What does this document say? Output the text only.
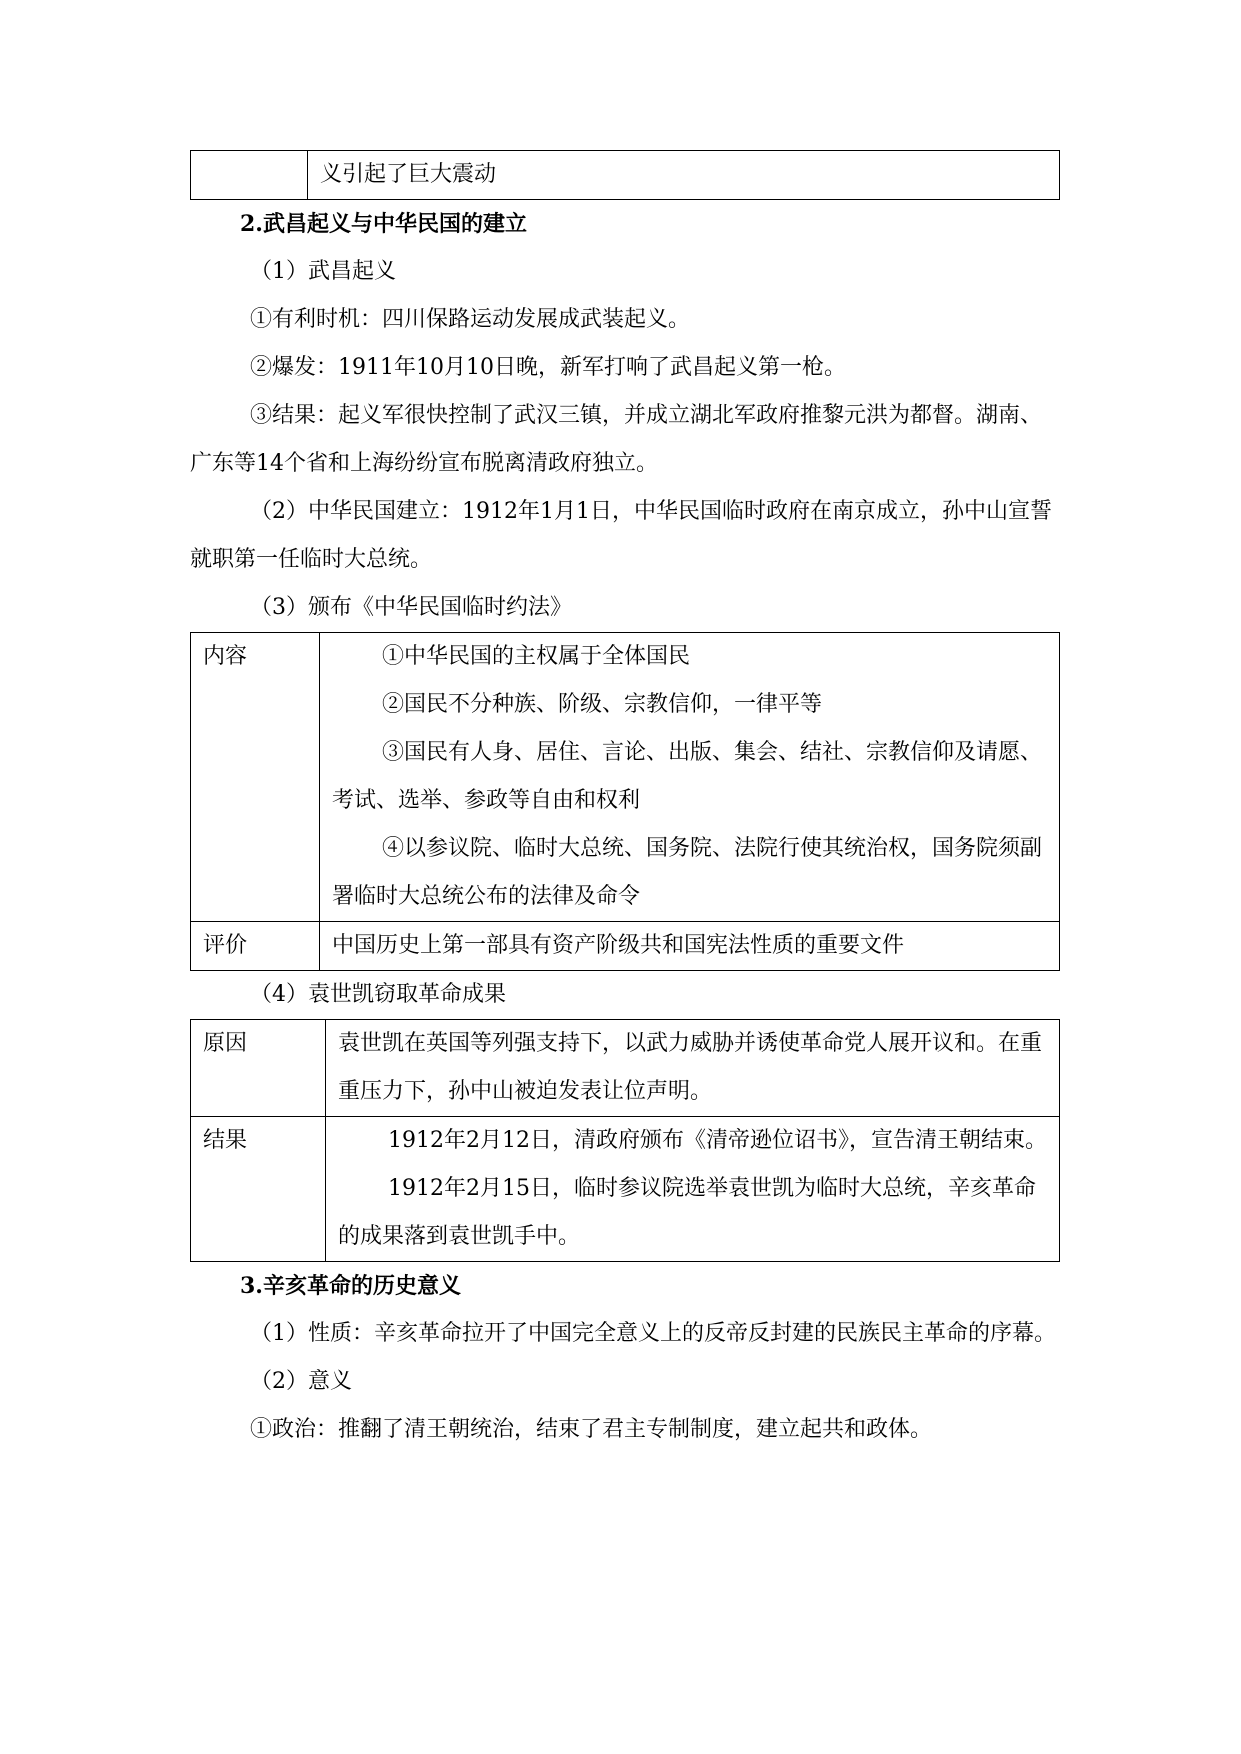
	义引起了巨大震动

2.武昌起义与中华民国的建立

（1）武昌起义

①有利时机：四川保路运动发展成武装起义。

②爆发：1911年10月10日晚，新军打响了武昌起义第一枪。

③结果：起义军很快控制了武汉三镇，并成立湖北军政府推黎元洪为都督。湖南、广东等14个省和上海纷纷宣布脱离清政府独立。

（2）中华民国建立：1912年1月1日，中华民国临时政府在南京成立，孙中山宣誓就职第一任临时大总统。

（3）颁布《中华民国临时约法》

内容	①中华民国的主权属于全体国民

②国民不分种族、阶级、宗教信仰，一律平等

③国民有人身、居住、言论、出版、集会、结社、宗教信仰及请愿、考试、选举、参政等自由和权利

④以参议院、临时大总统、国务院、法院行使其统治权，国务院须副署临时大总统公布的法律及命令

评价	中国历史上第一部具有资产阶级共和国宪法性质的重要文件

（4）袁世凯窃取革命成果

原因	袁世凯在英国等列强支持下，以武力威胁并诱使革命党人展开议和。在重重压力下，孙中山被迫发表让位声明。
结果	1912年2月12日，清政府颁布《清帝逊位诏书》，宣告清王朝结束。

1912年2月15日，临时参议院选举袁世凯为临时大总统，辛亥革命的成果落到袁世凯手中。

3.辛亥革命的历史意义

（1）性质：辛亥革命拉开了中国完全意义上的反帝反封建的民族民主革命的序幕。

（2）意义

①政治：推翻了清王朝统治，结束了君主专制制度，建立起共和政体。
